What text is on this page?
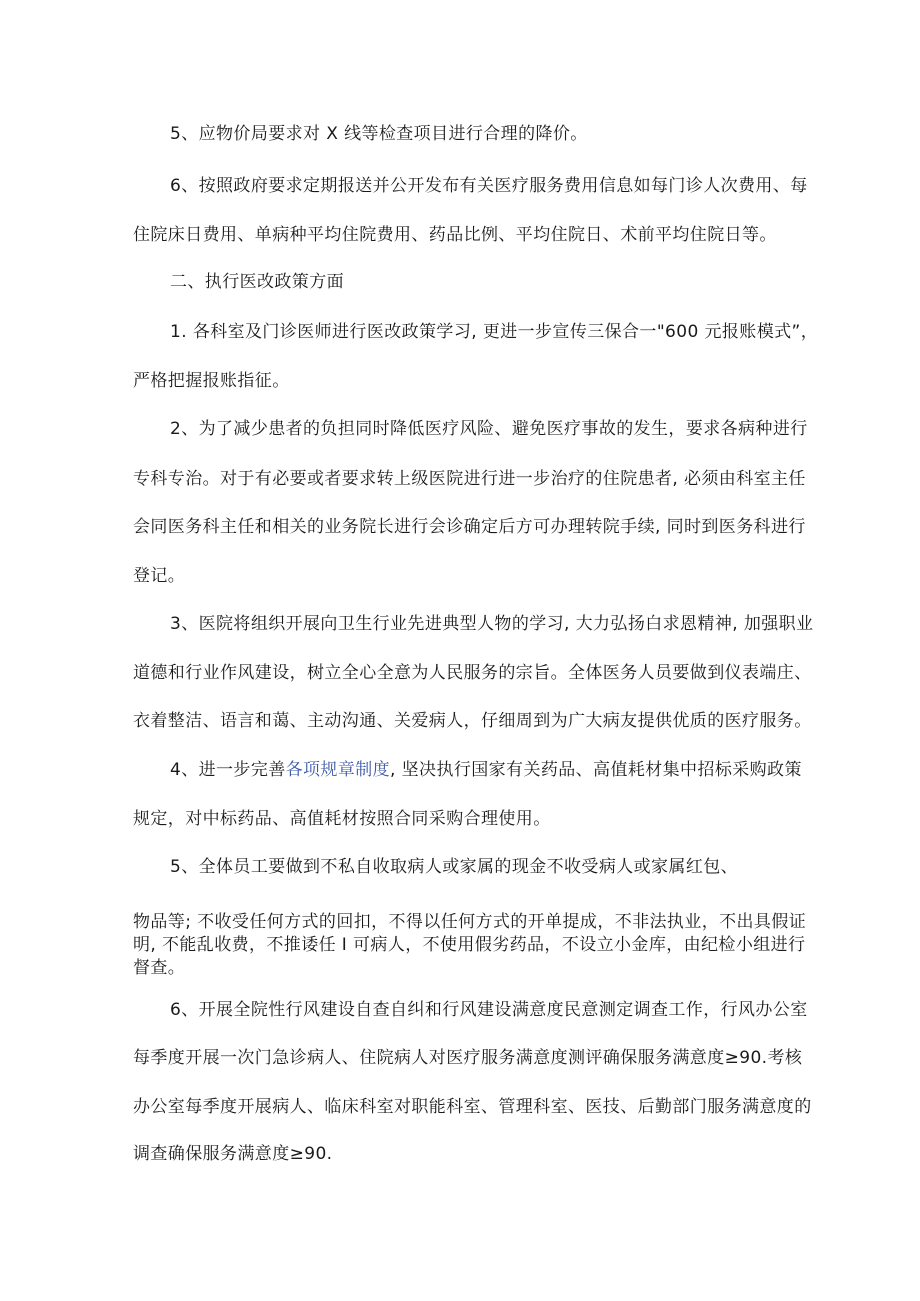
5、应物价局要求对 X 线等检查项目进行合理的降价。
6、按照政府要求定期报送并公开发布有关医疗服务费用信息如每门诊人次费用、每
住院床日费用、单病种平均住院费用、药品比例、平均住院日、术前平均住院日等。
二、执行医改政策方面
1. 各科室及门诊医师进行医改政策学习, 更进一步宣传三保合一"600 元报账模式”，
严格把握报账指征。
2、为了减少患者的负担同时降低医疗风险、避免医疗事故的发生，要求各病种进行
专科专治。对于有必要或者要求转上级医院进行进一步治疗的住院患者, 必须由科室主任
会同医务科主任和相关的业务院长进行会诊确定后方可办理转院手续, 同时到医务科进行
登记。
3、医院将组织开展向卫生行业先进典型人物的学习, 大力弘扬白求恩精神, 加强职业
道德和行业作风建设，树立全心全意为人民服务的宗旨。全体医务人员要做到仪表端庄、
衣着整洁、语言和蔼、主动沟通、关爱病人，仔细周到为广大病友提供优质的医疗服务。
4、进一步完善各项规章制度, 坚决执行国家有关药品、高值耗材集中招标采购政策
规定，对中标药品、高值耗材按照合同采购合理使用。
5、全体员工要做到不私自收取病人或家属的现金不收受病人或家属红包、
物品等; 不收受任何方式的回扣，不得以任何方式的开单提成，不非法执业，不出具假证
明, 不能乱收费，不推诿任 I 可病人，不使用假劣药品，不设立小金库，由纪检小组进行
督查。
6、开展全院性行风建设自查自纠和行风建设满意度民意测定调查工作，行风办公室
每季度开展一次门急诊病人、住院病人对医疗服务满意度测评确保服务满意度≥90.考核
办公室每季度开展病人、临床科室对职能科室、管理科室、医技、后勤部门服务满意度的
调查确保服务满意度≥90.
